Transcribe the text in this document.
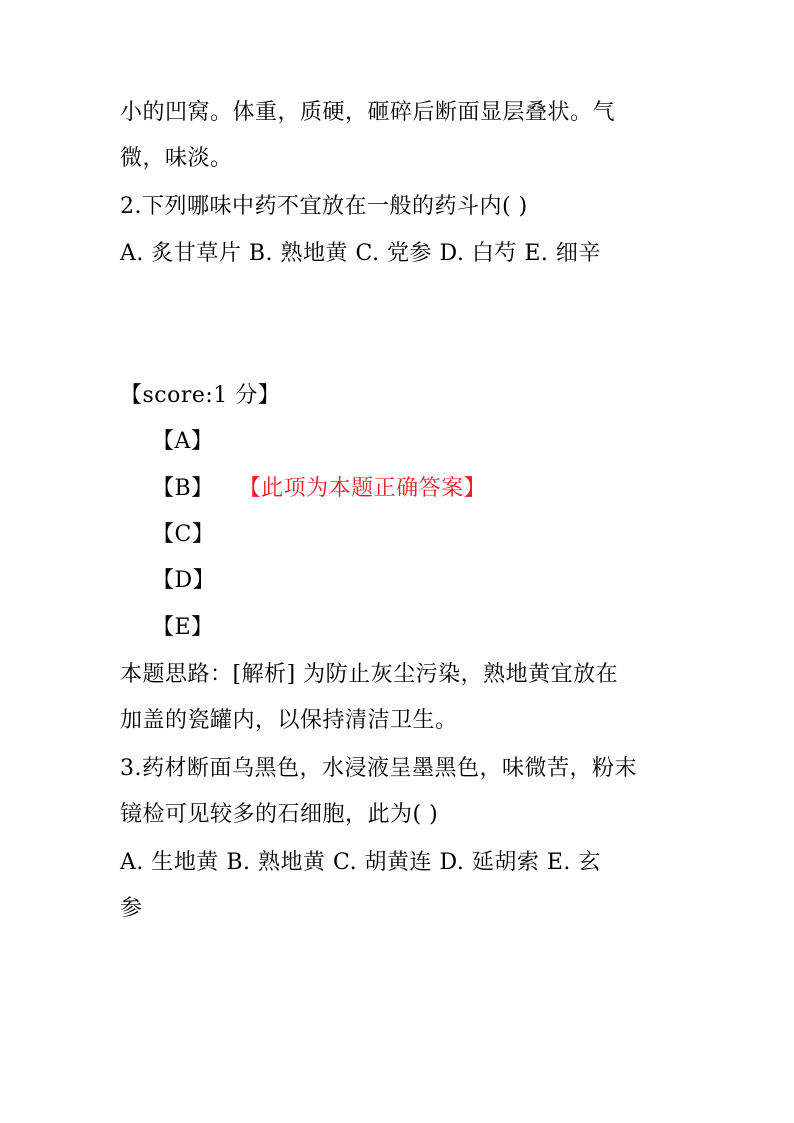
小的凹窝。体重，质硬，砸碎后断面显层叠状。气
微，味淡。
2.下列哪味中药不宜放在一般的药斗内( )
A. 炙甘草片 B. 熟地黄 C. 党参 D. 白芍 E. 细辛
【score:1 分】
【A】
【B】 【此项为本题正确答案】
【C】
【D】
【E】
本题思路：[解析] 为防止灰尘污染，熟地黄宜放在
加盖的瓷罐内，以保持清洁卫生。
3.药材断面乌黑色，水浸液呈墨黑色，味微苦，粉末
镜检可见较多的石细胞，此为( )
A. 生地黄 B. 熟地黄 C. 胡黄连 D. 延胡索 E. 玄
参
